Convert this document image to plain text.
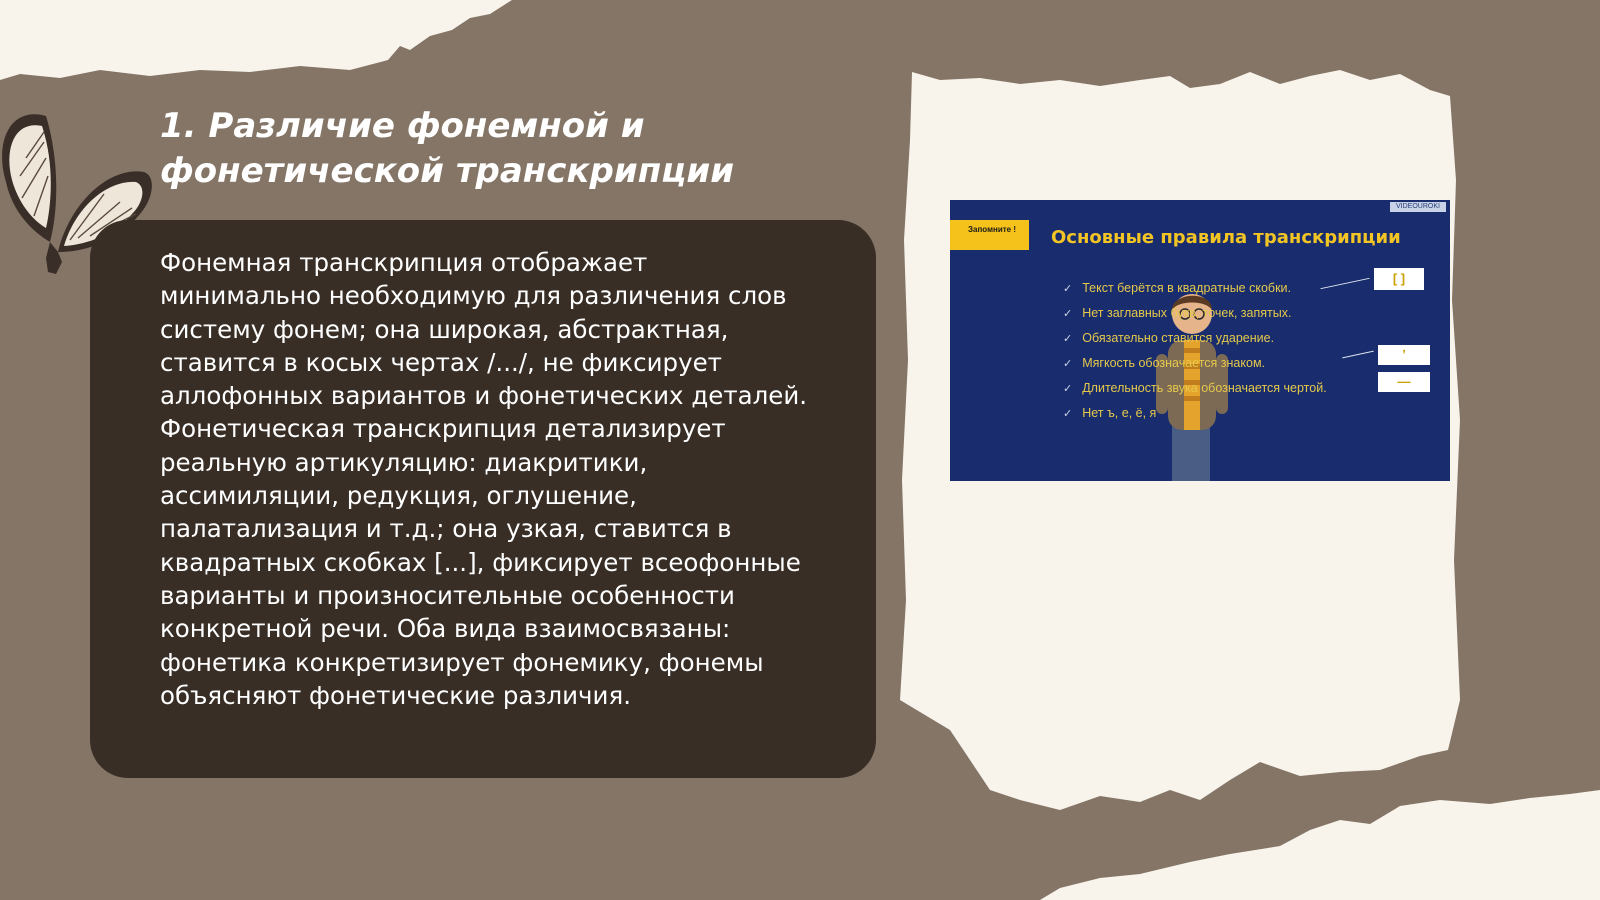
1. Различие фонемной и
фонетической транскрипции

Фонемная транскрипция отображает
минимально необходимую для различения слов
систему фонем; она широкая, абстрактная,
ставится в косых чертах /.../, не фиксирует
аллофонных вариантов и фонетических деталей.
Фонетическая транскрипция детализирует
реальную артикуляцию: диакритики,
ассимиляции, редукция, оглушение,
палатализация и т.д.; она узкая, ставится в
квадратных скобках [...], фиксирует всеофонные
варианты и произносительные особенности
конкретной речи. Оба вида взаимосвязаны:
фонетика конкретизирует фонемику, фонемы
объясняют фонетические различия.

Запомните !
VIDEOUROKI
Основные правила транскрипции
✓ Текст берётся в квадратные скобки.
✓ Нет заглавных букв, точек, запятых.
✓ Обязательно ставится ударение.
✓ Мягкость обозначается знаком.
✓ Длительность звука обозначается чертой.
✓ Нет ъ, е, ё, я
[ ]
ʼ
—
